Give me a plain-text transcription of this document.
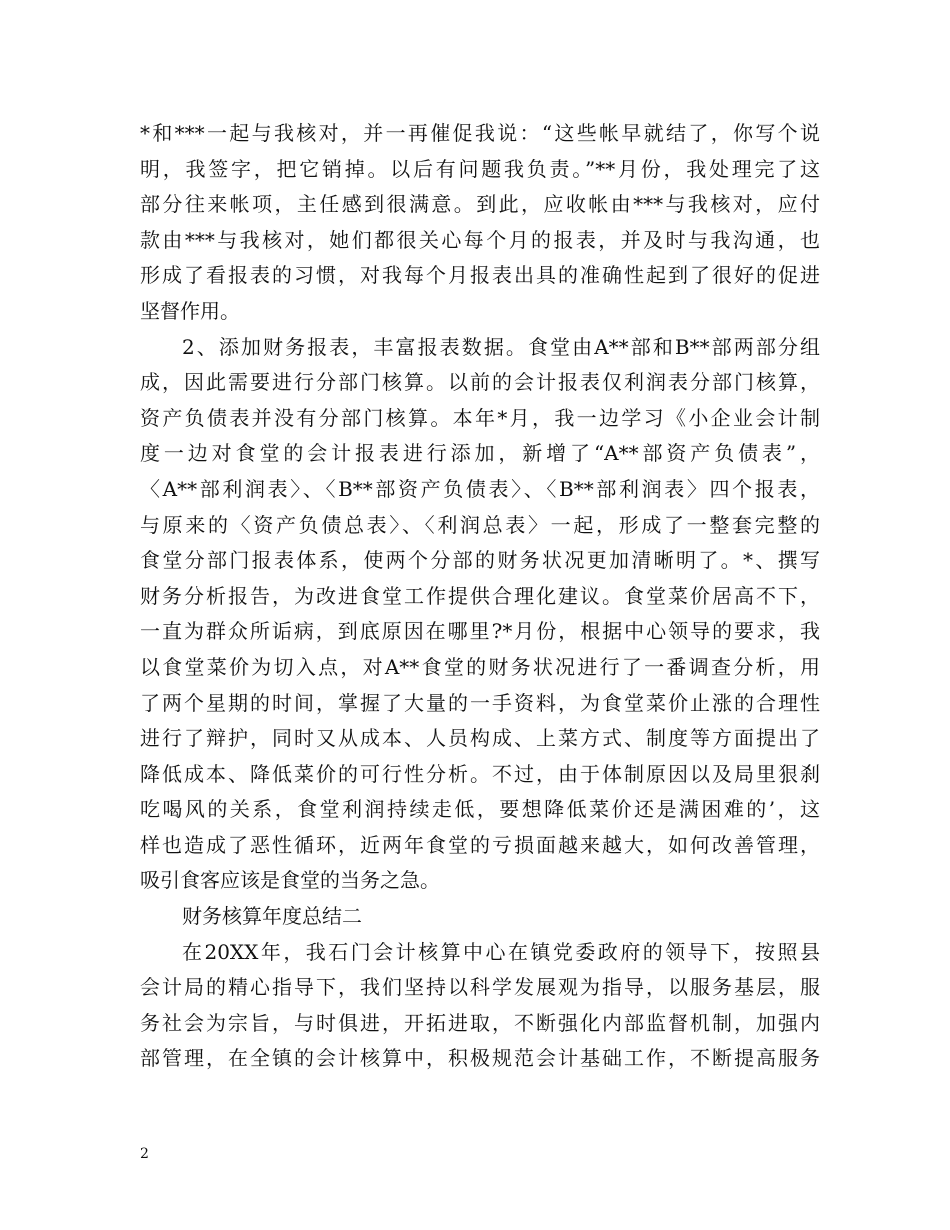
*和***一起与我核对，并一再催促我说：“这些帐早就结了，你写个说
明，我签字，把它销掉。以后有问题我负责。”**月份，我处理完了这
部分往来帐项，主任感到很满意。到此，应收帐由***与我核对，应付
款由***与我核对，她们都很关心每个月的报表，并及时与我沟通，也
形成了看报表的习惯，对我每个月报表出具的准确性起到了很好的促进
坚督作用。
2、添加财务报表，丰富报表数据。食堂由A**部和B**部两部分组
成，因此需要进行分部门核算。以前的会计报表仅利润表分部门核算，
资产负债表并没有分部门核算。本年*月，我一边学习《小企业会计制
度一边对食堂的会计报表进行添加，新增了“A**部资产负债表”，
〈A**部利润表〉、〈B**部资产负债表〉、〈B**部利润表〉四个报表，
与原来的〈资产负债总表〉、〈利润总表〉一起，形成了一整套完整的
食堂分部门报表体系，使两个分部的财务状况更加清晰明了。*、撰写
财务分析报告，为改进食堂工作提供合理化建议。食堂菜价居高不下，
一直为群众所诟病，到底原因在哪里?*月份，根据中心领导的要求，我
以食堂菜价为切入点，对A**食堂的财务状况进行了一番调查分析，用
了两个星期的时间，掌握了大量的一手资料，为食堂菜价止涨的合理性
进行了辩护，同时又从成本、人员构成、上菜方式、制度等方面提出了
降低成本、降低菜价的可行性分析。不过，由于体制原因以及局里狠刹
吃喝风的关系，食堂利润持续走低，要想降低菜价还是满困难的’，这
样也造成了恶性循环，近两年食堂的亏损面越来越大，如何改善管理，
吸引食客应该是食堂的当务之急。
财务核算年度总结二
在20XX年，我石门会计核算中心在镇党委政府的领导下，按照县
会计局的精心指导下，我们坚持以科学发展观为指导，以服务基层，服
务社会为宗旨，与时俱进，开拓进取，不断强化内部监督机制，加强内
部管理，在全镇的会计核算中，积极规范会计基础工作，不断提高服务
2
